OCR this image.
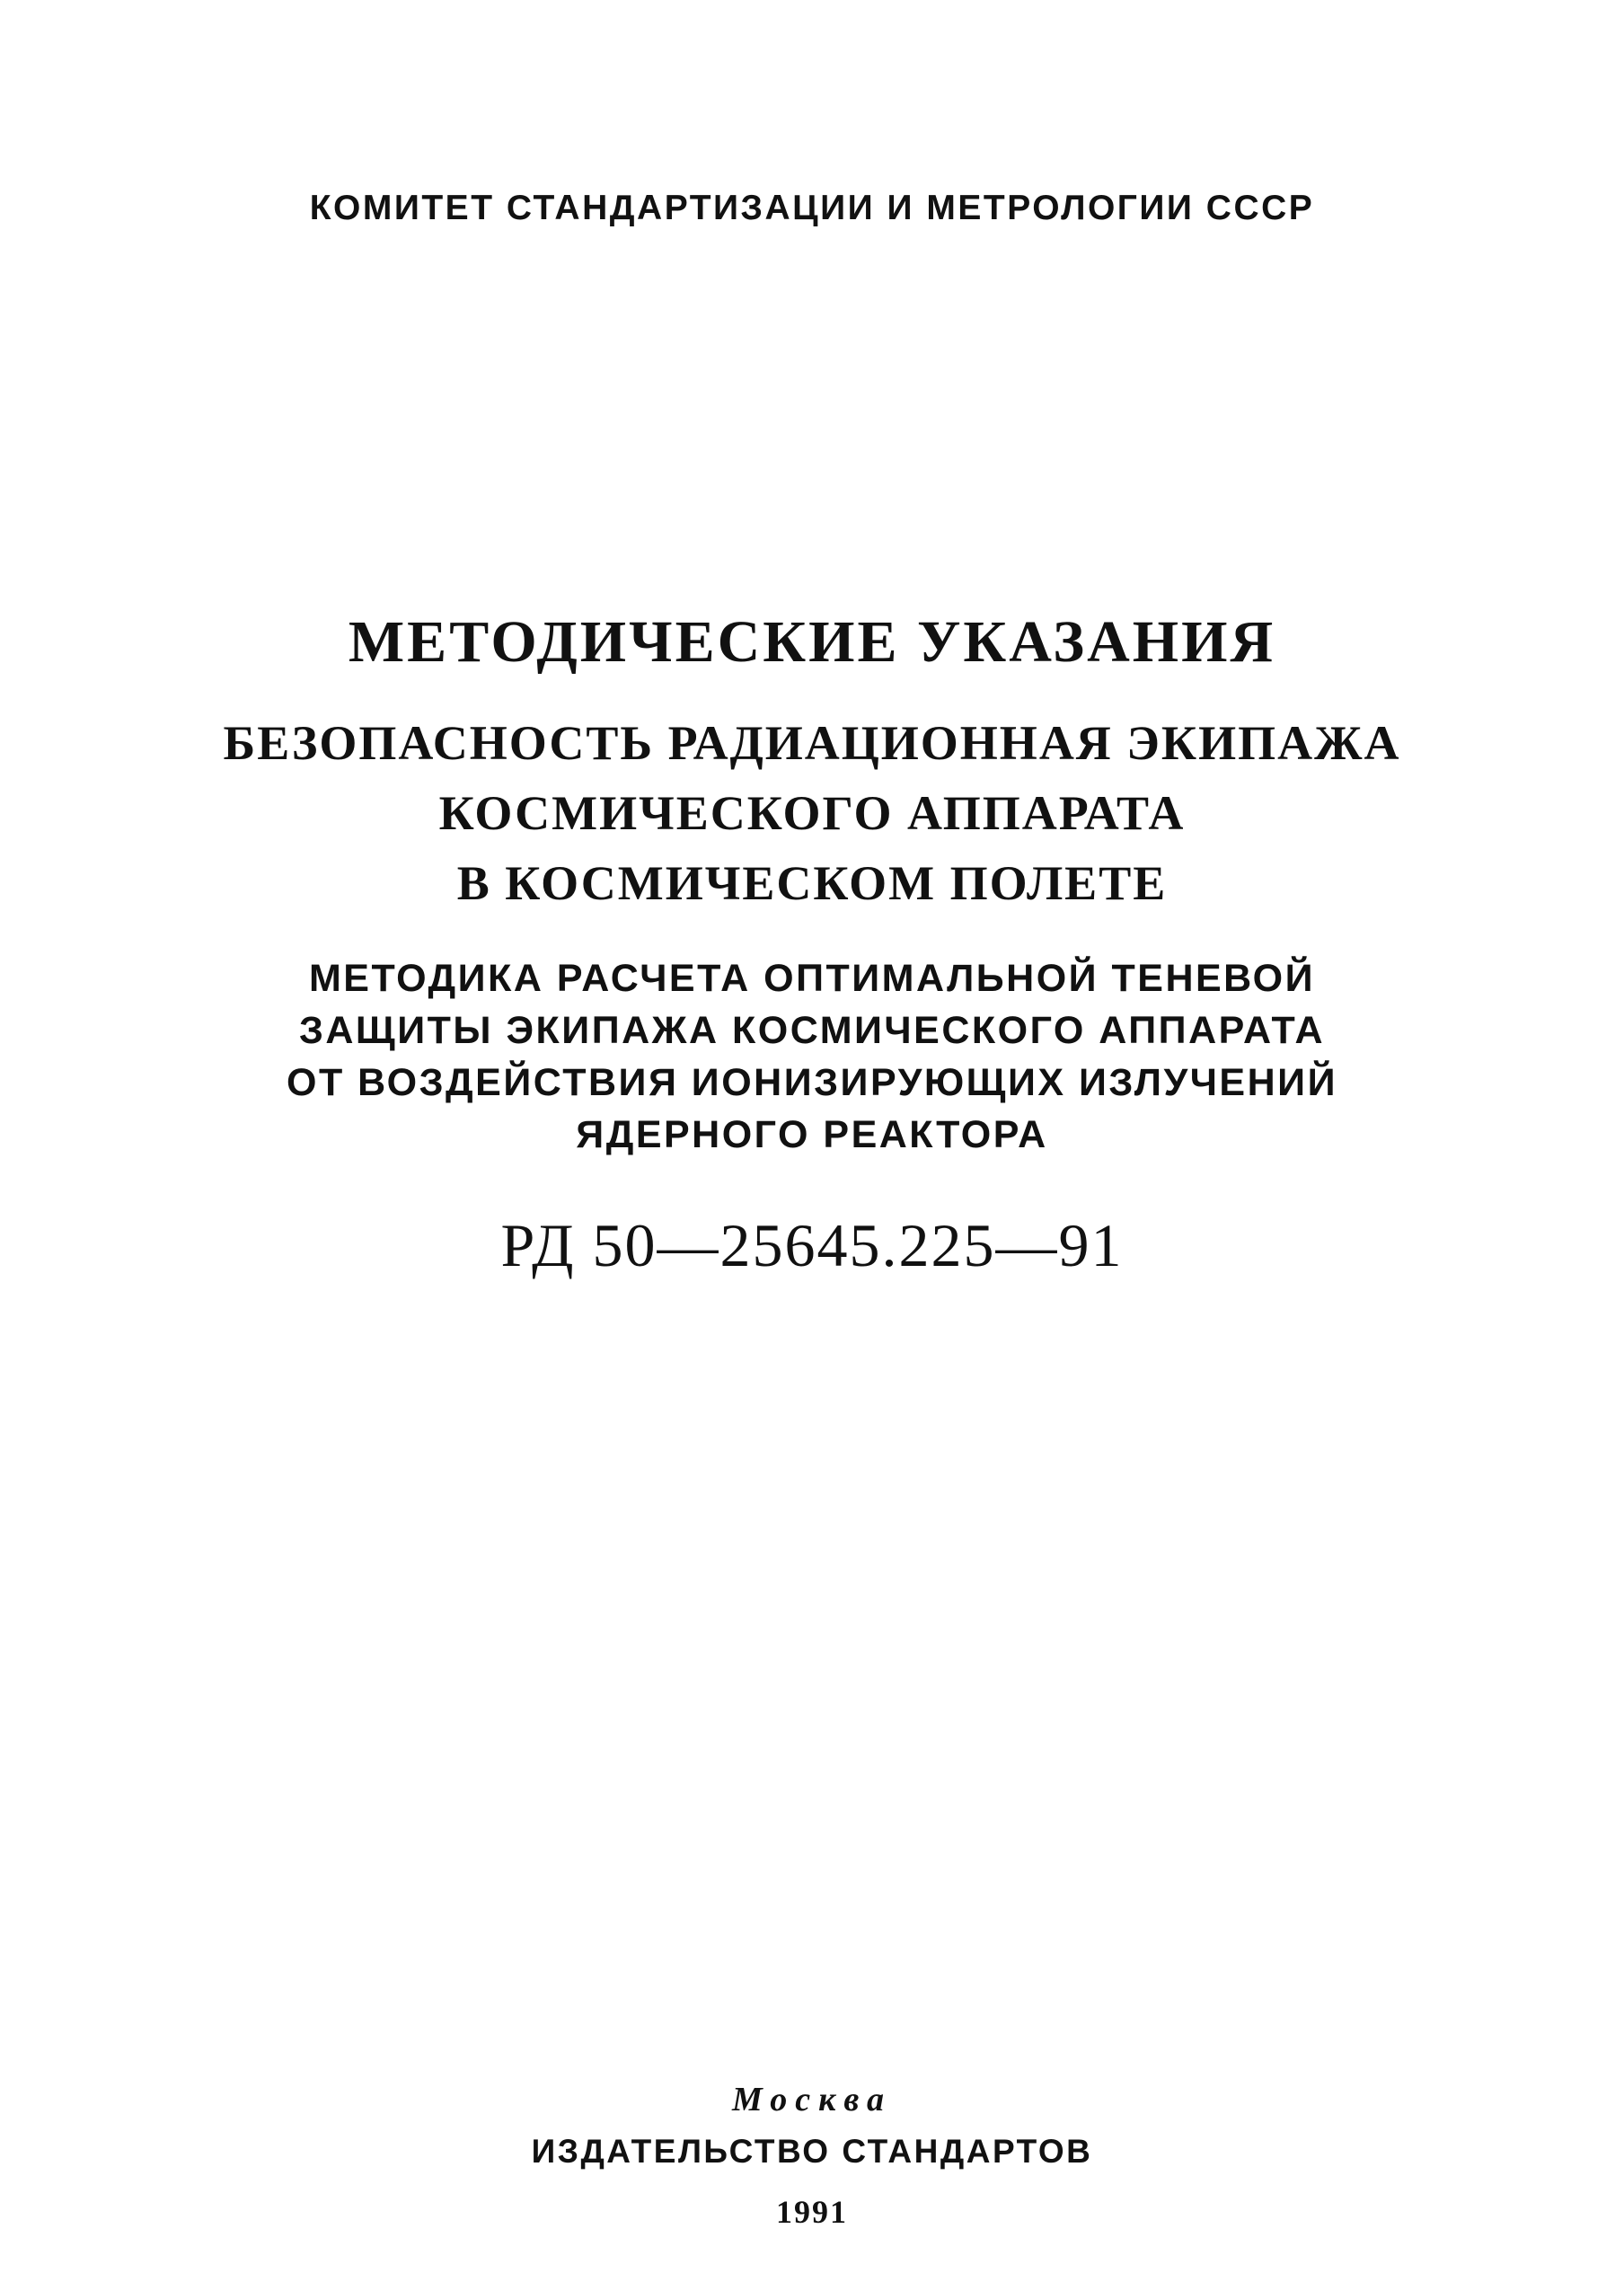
КОМИТЕТ СТАНДАРТИЗАЦИИ И МЕТРОЛОГИИ СССР
МЕТОДИЧЕСКИЕ УКАЗАНИЯ
БЕЗОПАСНОСТЬ РАДИАЦИОННАЯ ЭКИПАЖА
КОСМИЧЕСКОГО АППАРАТА
В КОСМИЧЕСКОМ ПОЛЕТЕ
МЕТОДИКА РАСЧЕТА ОПТИМАЛЬНОЙ ТЕНЕВОЙ
ЗАЩИТЫ ЭКИПАЖА КОСМИЧЕСКОГО АППАРАТА
ОТ ВОЗДЕЙСТВИЯ ИОНИЗИРУЮЩИХ ИЗЛУЧЕНИЙ
ЯДЕРНОГО РЕАКТОРА
РД 50—25645.225—91
Москва
ИЗДАТЕЛЬСТВО СТАНДАРТОВ
1991
